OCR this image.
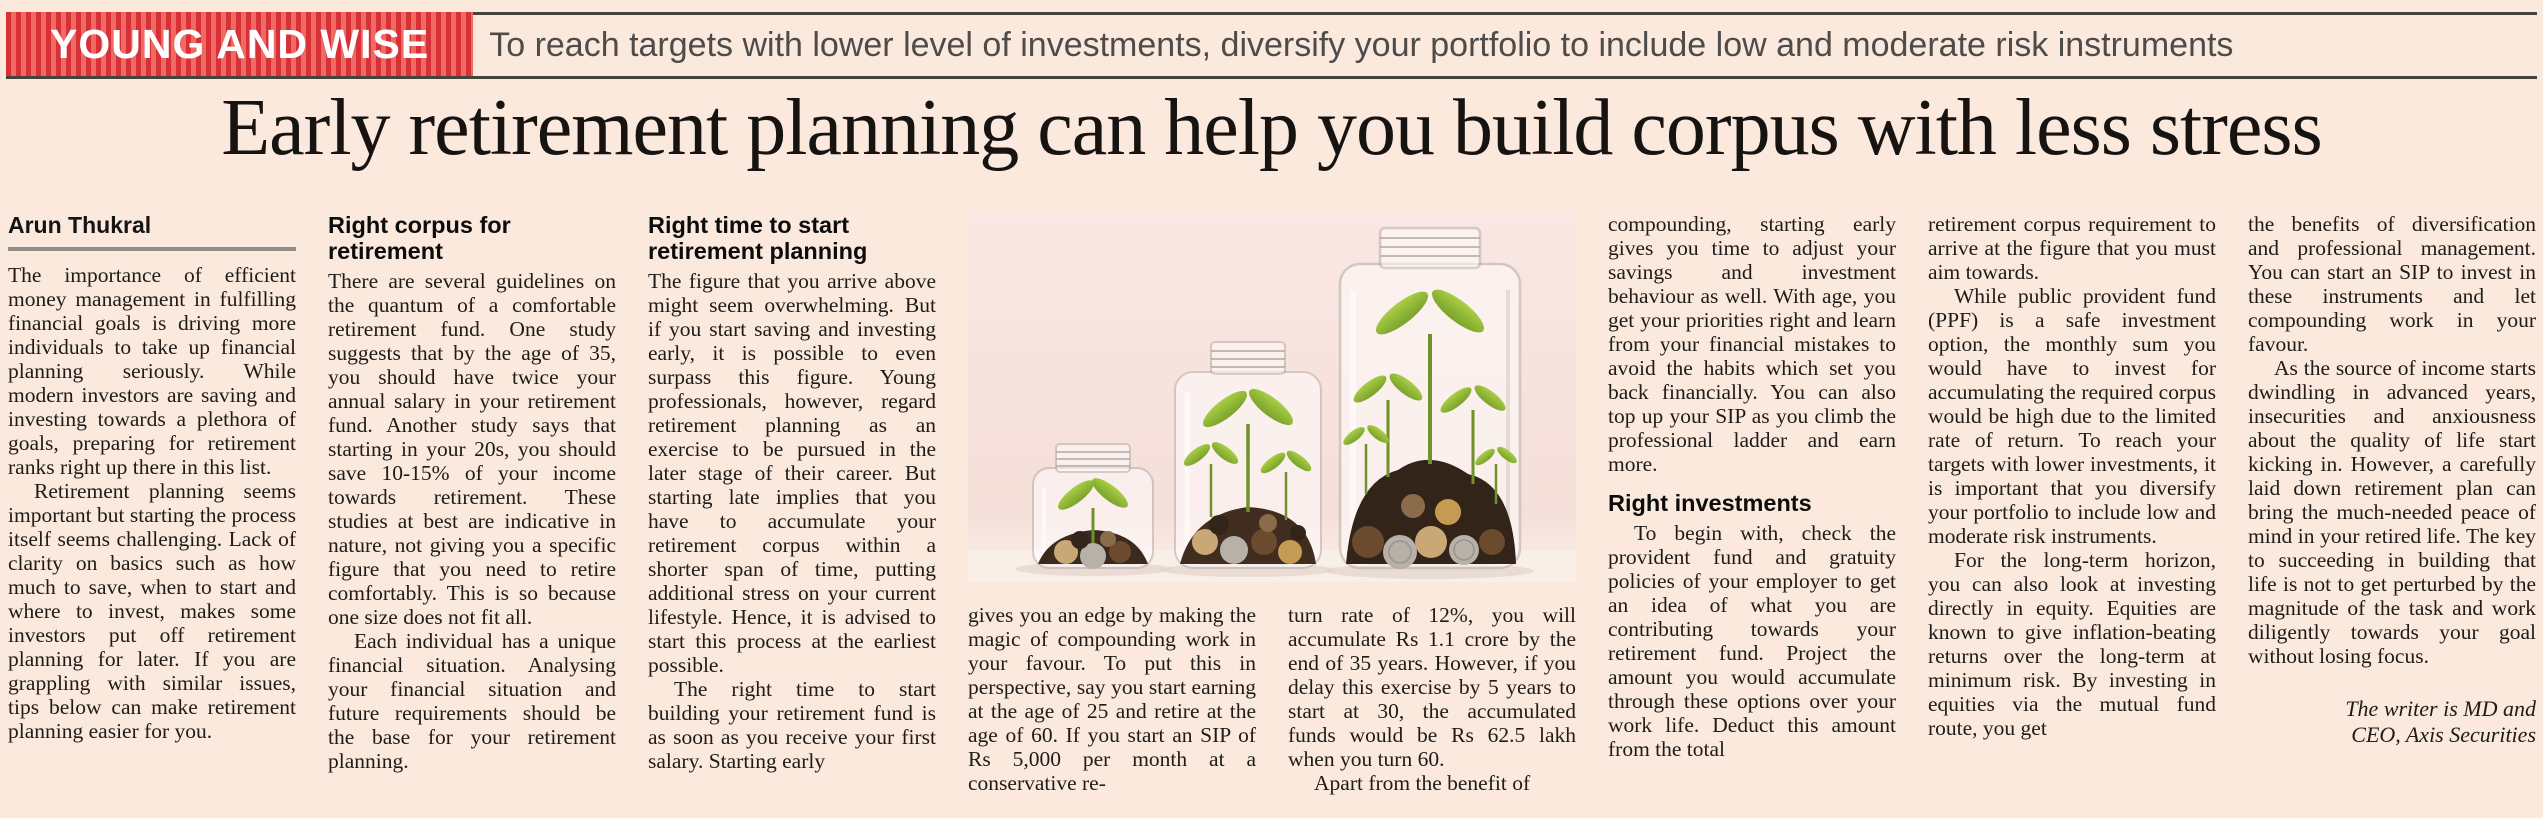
YOUNG AND WISE	To reach targets with lower level of investments, diversify your portfolio to include low and moderate risk instruments
Early retirement planning can help you build corpus with less stress
Arun Thukral

The importance of efficient money management in fulfilling financial goals is driving more individuals to take up financial planning seriously. While modern investors are saving and investing towards a plethora of goals, preparing for retirement ranks right up there in this list.

Retirement planning seems important but starting the process itself seems challenging. Lack of clarity on basics such as how much to save, when to start and where to invest, makes some investors put off retirement planning for later. If you are grappling with similar issues, tips below can make retirement planning easier for you.

Right corpus for retirement

There are several guidelines on the quantum of a comfortable retirement fund. One study suggests that by the age of 35, you should have twice your annual salary in your retirement fund. Another study says that starting in your 20s, you should save 10-15% of your income towards retirement. These studies at best are indicative in nature, not giving you a specific figure that you need to retire comfortably. This is so because one size does not fit all.

Each individual has a unique financial situation. Analysing your financial situation and future requirements should be the base for your retirement planning.

Right time to start retirement planning

The figure that you arrive above might seem overwhelming. But if you start saving and investing early, it is possible to even surpass this figure. Young professionals, however, regard retirement planning as an exercise to be pursued in the later stage of their career. But starting late implies that you have to accumulate your retirement corpus within a shorter span of time, putting additional stress on your current lifestyle. Hence, it is advised to start this process at the earliest possible.

The right time to start building your retirement fund is as soon as you receive your first salary. Starting early

gives you an edge by making the magic of compounding work in your favour. To put this in perspective, say you start earning at the age of 25 and retire at the age of 60. If you start an SIP of Rs 5,000 per month at a conservative re-

turn rate of 12%, you will accumulate Rs 1.1 crore by the end of 35 years. However, if you delay this exercise by 5 years to start at 30, the accumulated funds would be Rs 62.5 lakh when you turn 60.

Apart from the benefit of

compounding, starting early gives you time to adjust your savings and investment behaviour as well. With age, you get your priorities right and learn from your financial mistakes to avoid the habits which set you back financially. You can also top up your SIP as you climb the professional ladder and earn more.

Right investments

To begin with, check the provident fund and gratuity policies of your employer to get an idea of what you are contributing towards your retirement fund. Project the amount you would accumulate through these options over your work life. Deduct this amount from the total

retirement corpus requirement to arrive at the figure that you must aim towards.

While public provident fund (PPF) is a safe investment option, the monthly sum you would have to invest for accumulating the required corpus would be high due to the limited rate of return. To reach your targets with lower investments, it is important that you diversify your portfolio to include low and moderate risk instruments.

For the long-term horizon, you can also look at investing directly in equity. Equities are known to give inflation-beating returns over the long-term at minimum risk. By investing in equities via the mutual fund route, you get

the benefits of diversification and professional management. You can start an SIP to invest in these instruments and let compounding work in your favour.

As the source of income starts dwindling in advanced years, insecurities and anxiousness about the quality of life start kicking in. However, a carefully laid down retirement plan can bring the much-needed peace of mind in your retired life. The key to succeeding in building that life is not to get perturbed by the magnitude of the task and work diligently towards your goal without losing focus.

The writer is MD and
CEO, Axis Securities
